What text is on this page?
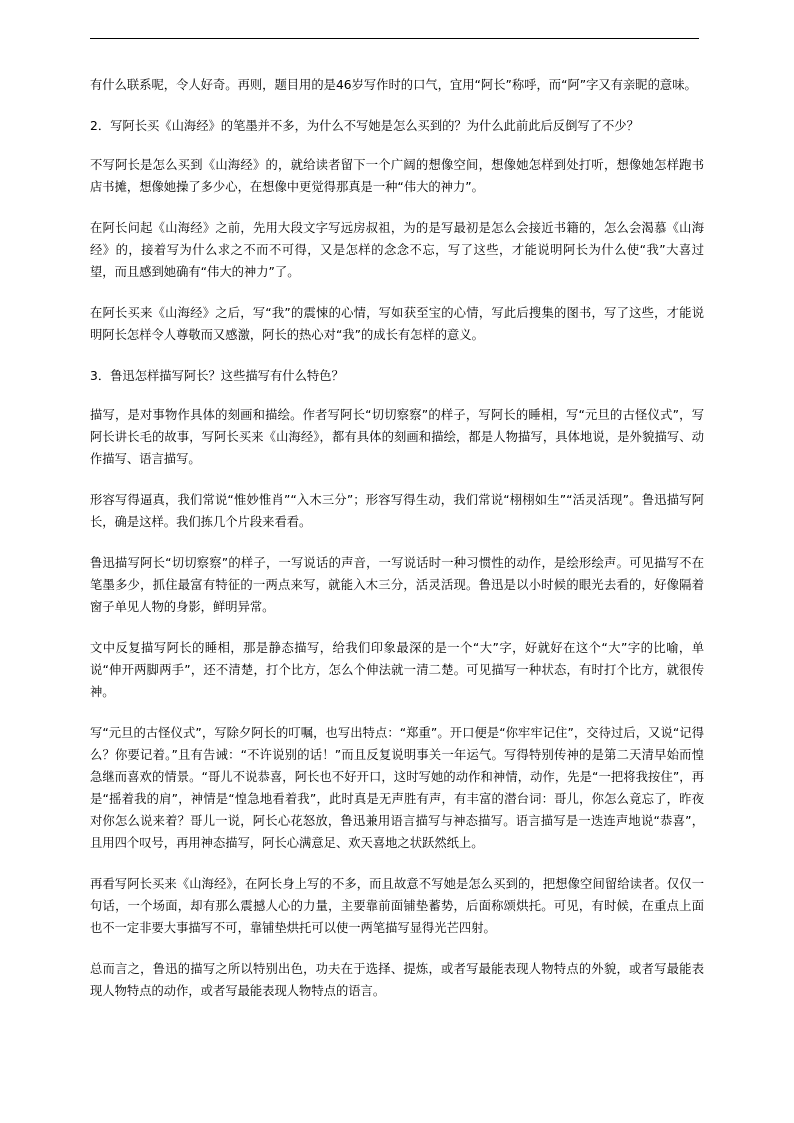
有什么联系呢，令人好奇。再则，题目用的是46岁写作时的口气，宜用“阿长”称呼，而“阿”字又有亲昵的意味。

2．写阿长买《山海经》的笔墨并不多，为什么不写她是怎么买到的？为什么此前此后反倒写了不少？

不写阿长是怎么买到《山海经》的，就给读者留下一个广阔的想像空间，想像她怎样到处打听，想像她怎样跑书店书摊，想像她操了多少心，在想像中更觉得那真是一种“伟大的神力”。

在阿长问起《山海经》之前，先用大段文字写远房叔祖，为的是写最初是怎么会接近书籍的，怎么会渴慕《山海经》的，接着写为什么求之不而不可得，又是怎样的念念不忘，写了这些，才能说明阿长为什么使“我”大喜过望，而且感到她确有“伟大的神力”了。

在阿长买来《山海经》之后，写“我”的震悚的心情，写如获至宝的心情，写此后搜集的图书，写了这些，才能说明阿长怎样令人尊敬而又感激，阿长的热心对“我”的成长有怎样的意义。

3．鲁迅怎样描写阿长？这些描写有什么特色？

描写，是对事物作具体的刻画和描绘。作者写阿长“切切察察”的样子，写阿长的睡相，写“元旦的古怪仪式”，写阿长讲长毛的故事，写阿长买来《山海经》，都有具体的刻画和描绘，都是人物描写，具体地说，是外貌描写、动作描写、语言描写。

形容写得逼真，我们常说“惟妙惟肖”“入木三分”；形容写得生动，我们常说“栩栩如生”“活灵活现”。鲁迅描写阿长，确是这样。我们拣几个片段来看看。

鲁迅描写阿长“切切察察”的样子，一写说话的声音，一写说话时一种习惯性的动作，是绘形绘声。可见描写不在笔墨多少，抓住最富有特征的一两点来写，就能入木三分，活灵活现。鲁迅是以小时候的眼光去看的，好像隔着窗子单见人物的身影，鲜明异常。

文中反复描写阿长的睡相，那是静态描写，给我们印象最深的是一个“大”字，好就好在这个“大”字的比喻，单说“伸开两脚两手”，还不清楚，打个比方，怎么个伸法就一清二楚。可见描写一种状态，有时打个比方，就很传神。

写“元旦的古怪仪式”，写除夕阿长的叮嘱，也写出特点：“郑重”。开口便是“你牢牢记住”，交待过后，又说“记得么？你要记着。”且有告诫：“不许说别的话！”而且反复说明事关一年运气。写得特别传神的是第二天清早始而惶急继而喜欢的情景。“哥儿不说恭喜，阿长也不好开口，这时写她的动作和神情，动作，先是“一把将我按住”，再是“摇着我的肩”，神情是“惶急地看着我”，此时真是无声胜有声，有丰富的潜台词：哥儿，你怎么竟忘了，昨夜对你怎么说来着？哥儿一说，阿长心花怒放，鲁迅兼用语言描写与神态描写。语言描写是一迭连声地说“恭喜”，且用四个叹号，再用神态描写，阿长心满意足、欢天喜地之状跃然纸上。

再看写阿长买来《山海经》，在阿长身上写的不多，而且故意不写她是怎么买到的，把想像空间留给读者。仅仅一句话，一个场面，却有那么震撼人心的力量，主要靠前面铺垫蓄势，后面称颂烘托。可见，有时候，在重点上面也不一定非要大事描写不可，靠铺垫烘托可以使一两笔描写显得光芒四射。

总而言之，鲁迅的描写之所以特别出色，功夫在于选择、提炼，或者写最能表现人物特点的外貌，或者写最能表现人物特点的动作，或者写最能表现人物特点的语言。
